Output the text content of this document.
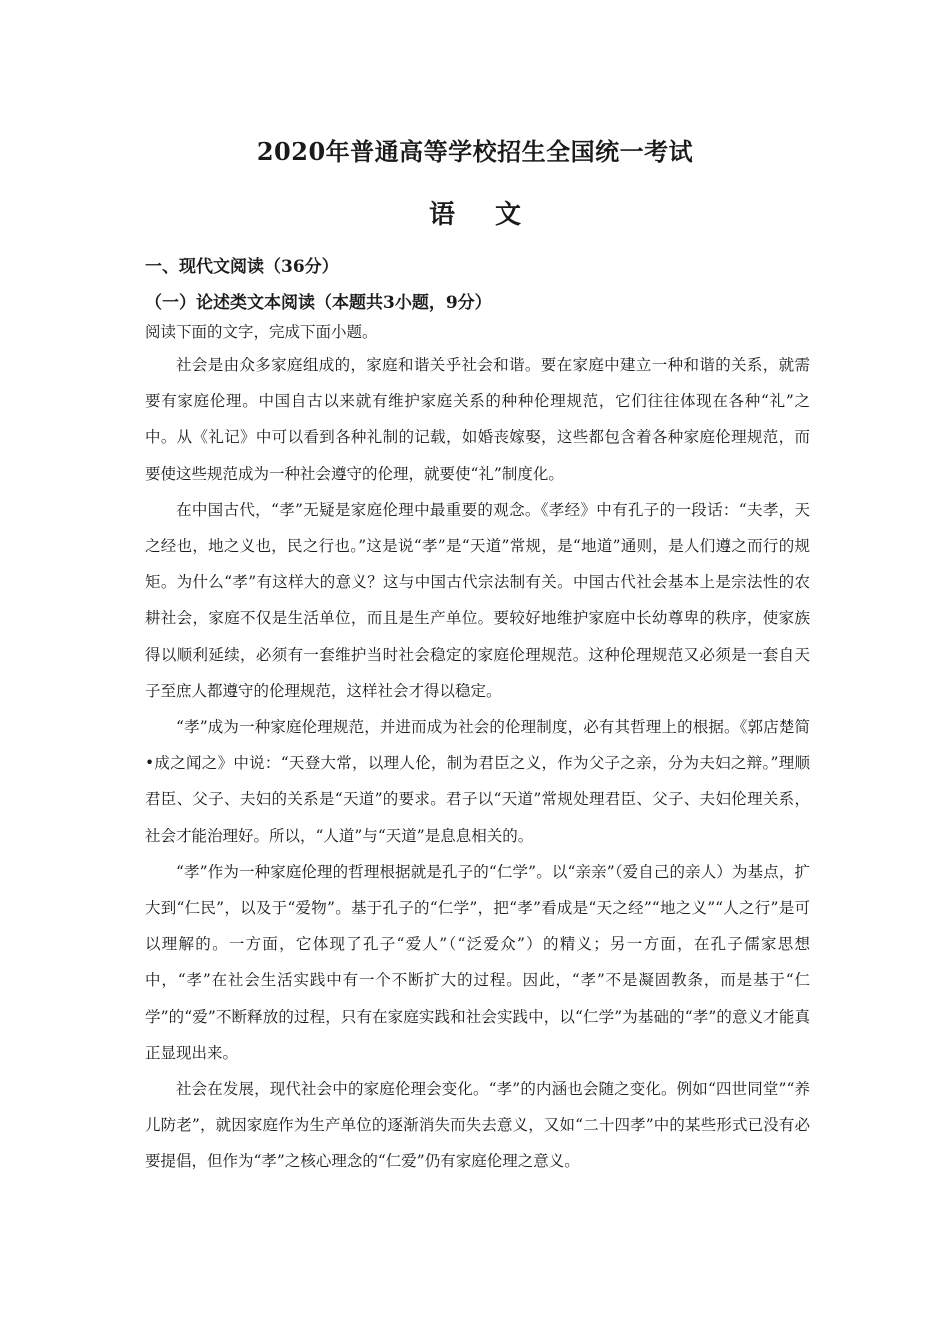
2020年普通高等学校招生全国统一考试
语文
一、现代文阅读（36分）
（一）论述类文本阅读（本题共3小题，9分）
阅读下面的文字，完成下面小题。

社会是由众多家庭组成的，家庭和谐关乎社会和谐。要在家庭中建立一种和谐的关系，就需要有家庭伦理。中国自古以来就有维护家庭关系的种种伦理规范，它们往往体现在各种“礼”之中。从《礼记》中可以看到各种礼制的记载，如婚丧嫁娶，这些都包含着各种家庭伦理规范，而要使这些规范成为一种社会遵守的伦理，就要使“礼”制度化。

在中国古代，“孝”无疑是家庭伦理中最重要的观念。《孝经》中有孔子的一段话：“夫孝，天之经也，地之义也，民之行也。”这是说“孝”是“天道”常规，是“地道”通则，是人们遵之而行的规矩。为什么“孝”有这样大的意义？这与中国古代宗法制有关。中国古代社会基本上是宗法性的农耕社会，家庭不仅是生活单位，而且是生产单位。要较好地维护家庭中长幼尊卑的秩序，使家族得以顺利延续，必须有一套维护当时社会稳定的家庭伦理规范。这种伦理规范又必须是一套自天子至庶人都遵守的伦理规范，这样社会才得以稳定。

“孝”成为一种家庭伦理规范，并进而成为社会的伦理制度，必有其哲理上的根据。《郭店楚简•成之闻之》中说：“天登大常，以理人伦，制为君臣之义，作为父子之亲，分为夫妇之辩。”理顺君臣、父子、夫妇的关系是“天道”的要求。君子以“天道”常规处理君臣、父子、夫妇伦理关系，社会才能治理好。所以，“人道”与“天道”是息息相关的。

“孝”作为一种家庭伦理的哲理根据就是孔子的“仁学”。以“亲亲”（爱自己的亲人）为基点，扩大到“仁民”，以及于“爱物”。基于孔子的“仁学”，把“孝”看成是“天之经”“地之义”“人之行”是可以理解的。一方面，它体现了孔子“爱人”（“泛爱众”）的精义；另一方面，在孔子儒家思想中，“孝”在社会生活实践中有一个不断扩大的过程。因此，“孝”不是凝固教条，而是基于“仁学”的“爱”不断释放的过程，只有在家庭实践和社会实践中，以“仁学”为基础的“孝”的意义才能真正显现出来。

社会在发展，现代社会中的家庭伦理会变化。“孝”的内涵也会随之变化。例如“四世同堂”“养儿防老”，就因家庭作为生产单位的逐渐消失而失去意义，又如“二十四孝”中的某些形式已没有必要提倡，但作为“孝”之核心理念的“仁爱”仍有家庭伦理之意义。
